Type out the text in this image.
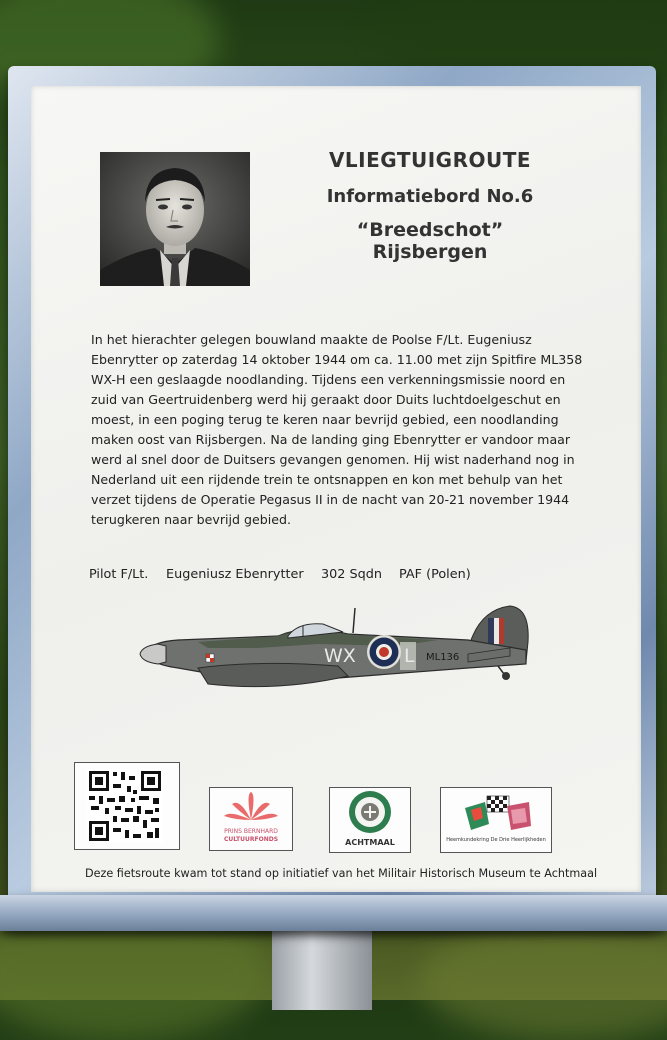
VLIEGTUIGROUTE
Informatiebord No.6
“Breedschot” Rijsbergen
In het hierachter gelegen bouwland maakte de Poolse F/Lt. Eugeniusz
Ebenrytter op zaterdag 14 oktober 1944 om ca. 11.00 met zijn Spitfire ML358
WX-H een geslaagde noodlanding. Tijdens een verkenningsmissie noord en
zuid van Geertruidenberg werd hij geraakt door Duits luchtdoelgeschut en
moest, in een poging terug te keren naar bevrijd gebied, een noodlanding
maken oost van Rijsbergen. Na de landing ging Ebenrytter er vandoor maar
werd al snel door de Duitsers gevangen genomen. Hij wist naderhand nog in
Nederland uit een rijdende trein te ontsnappen en kon met behulp van het
verzet tijdens de Operatie Pegasus II in de nacht van 20-21 november 1944
terugkeren naar bevrijd gebied.
Pilot F/Lt. Eugeniusz Ebenrytter 302 Sqdn PAF (Polen)
WX	L ML136
PRINS BERNHARD
CULTUURFONDS	ACHTMAAL	Heemkundekring De Drie Heerlijkheden
Deze fietsroute kwam tot stand op initiatief van het Militair Historisch Museum te Achtmaal
